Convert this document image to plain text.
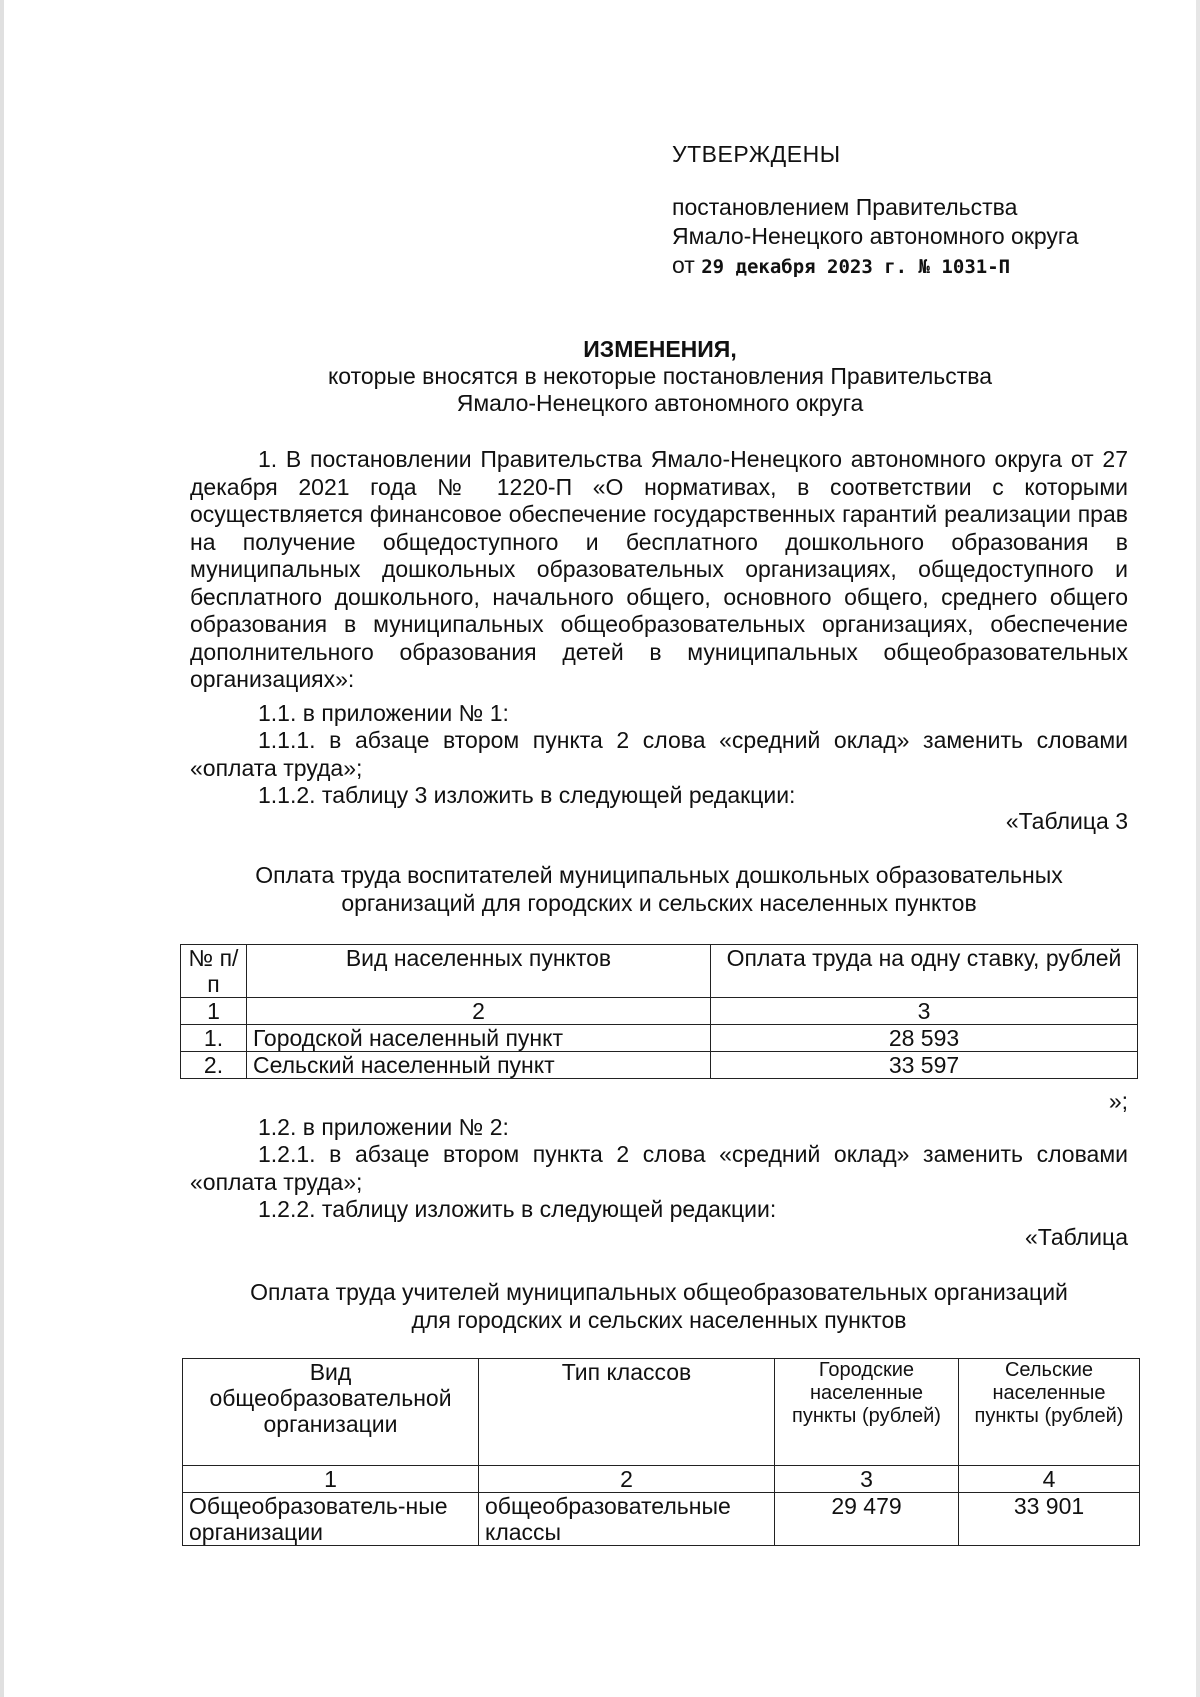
УТВЕРЖДЕНЫ
постановлением Правительства
Ямало-Ненецкого автономного округа
от 29 декабря 2023 г. № 1031-П
ИЗМЕНЕНИЯ,
которые вносятся в некоторые постановления Правительства
Ямало-Ненецкого автономного округа
1. В постановлении Правительства Ямало-Ненецкого автономного округа от 27 декабря 2021 года № 1220-П «О нормативах, в соответствии с которыми осуществляется финансовое обеспечение государственных гарантий реализации прав на получение общедоступного и бесплатного дошкольного образования в муниципальных дошкольных образовательных организациях, общедоступного и бесплатного дошкольного, начального общего, основного общего, среднего общего образования в муниципальных общеобразовательных организациях, обеспечение дополнительного образования детей в муниципальных общеобразовательных организациях»:
1.1. в приложении № 1:
1.1.1. в абзаце втором пункта 2 слова «средний оклад» заменить словами «оплата труда»;
1.1.2. таблицу 3 изложить в следующей редакции:
«Таблица 3
Оплата труда воспитателей муниципальных дошкольных образовательных
организаций для городских и сельских населенных пунктов
№ п/п	Вид населенных пунктов	Оплата труда на одну ставку, рублей
1	2	3
1.	Городской населенный пункт	28 593
2.	Сельский населенный пункт	33 597
»;
1.2. в приложении № 2:
1.2.1. в абзаце втором пункта 2 слова «средний оклад» заменить словами «оплата труда»;
1.2.2. таблицу изложить в следующей редакции:
«Таблица
Оплата труда учителей муниципальных общеобразовательных организаций
для городских и сельских населенных пунктов
Вид общеобразовательной организации	Тип классов	Городские населенные пункты (рублей)	Сельские населенные пункты (рублей)
1	2	3	4
Общеобразователь-ные организации	общеобразовательные классы	29 479	33 901
